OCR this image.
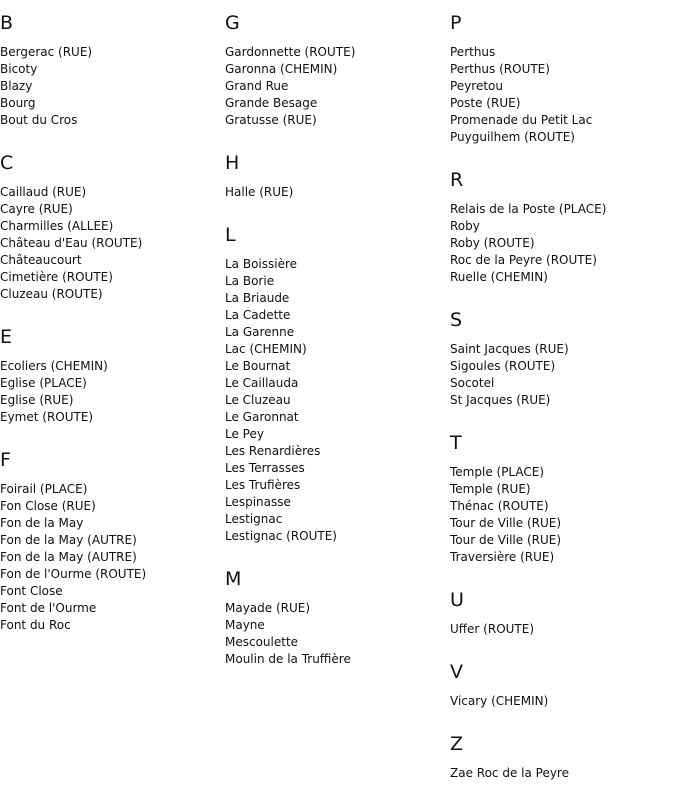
B
Bergerac (RUE)
Bicoty
Blazy
Bourg
Bout du Cros
C
Caillaud (RUE)
Cayre (RUE)
Charmilles (ALLEE)
Château d'Eau (ROUTE)
Châteaucourt
Cimetière (ROUTE)
Cluzeau (ROUTE)
E
Ecoliers (CHEMIN)
Eglise (PLACE)
Eglise (RUE)
Eymet (ROUTE)
F
Foirail (PLACE)
Fon Close (RUE)
Fon de la May
Fon de la May (AUTRE)
Fon de la May (AUTRE)
Fon de l'Ourme (ROUTE)
Font Close
Font de l'Ourme
Font du Roc
G
Gardonnette (ROUTE)
Garonna (CHEMIN)
Grand Rue
Grande Besage
Gratusse (RUE)
H
Halle (RUE)
L
La Boissière
La Borie
La Briaude
La Cadette
La Garenne
Lac (CHEMIN)
Le Bournat
Le Caillauda
Le Cluzeau
Le Garonnat
Le Pey
Les Renardières
Les Terrasses
Les Trufières
Lespinasse
Lestignac
Lestignac (ROUTE)
M
Mayade (RUE)
Mayne
Mescoulette
Moulin de la Truffière
P
Perthus
Perthus (ROUTE)
Peyretou
Poste (RUE)
Promenade du Petit Lac
Puyguilhem (ROUTE)
R
Relais de la Poste (PLACE)
Roby
Roby (ROUTE)
Roc de la Peyre (ROUTE)
Ruelle (CHEMIN)
S
Saint Jacques (RUE)
Sigoules (ROUTE)
Socotel
St Jacques (RUE)
T
Temple (PLACE)
Temple (RUE)
Thénac (ROUTE)
Tour de Ville (RUE)
Tour de Ville (RUE)
Traversière (RUE)
U
Uffer (ROUTE)
V
Vicary (CHEMIN)
Z
Zae Roc de la Peyre
